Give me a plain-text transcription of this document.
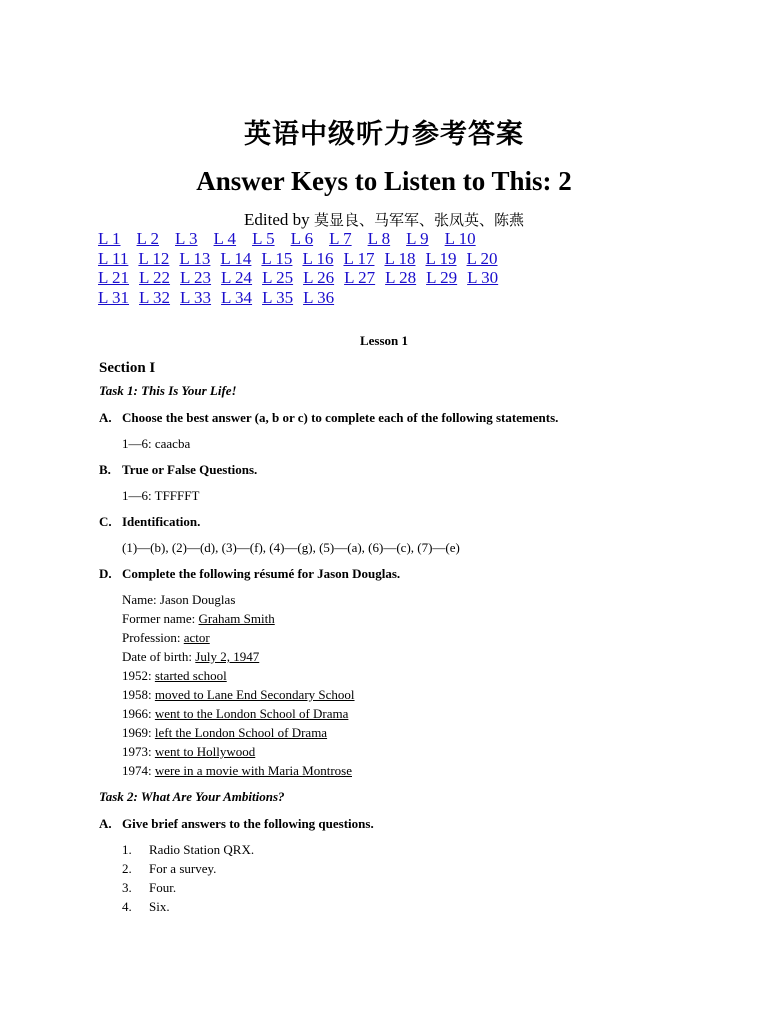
英语中级听力参考答案
Answer Keys to Listen to This: 2
Edited by 莫显良、马军军、张凤英、陈燕
L 1 L 2 L 3 L 4 L 5 L 6 L 7 L 8 L 9 L 10
L 11 L 12 L 13 L 14 L 15 L 16 L 17 L 18 L 19 L 20
L 21 L 22 L 23 L 24 L 25 L 26 L 27 L 28 L 29 L 30
L 31 L 32 L 33 L 34 L 35 L 36
Lesson 1
Section I
Task 1: This Is Your Life!
A. Choose the best answer (a, b or c) to complete each of the following statements.
1—6: caacba
B. True or False Questions.
1—6: TFFFFT
C. Identification.
(1)—(b), (2)—(d), (3)—(f), (4)—(g), (5)—(a), (6)—(c), (7)—(e)
D. Complete the following résumé for Jason Douglas.
Name: Jason Douglas
Former name: Graham Smith
Profession: actor
Date of birth: July 2, 1947
1952: started school
1958: moved to Lane End Secondary School
1966: went to the London School of Drama
1969: left the London School of Drama
1973: went to Hollywood
1974: were in a movie with Maria Montrose
Task 2: What Are Your Ambitions?
A. Give brief answers to the following questions.
1.	Radio Station QRX.
2.	For a survey.
3.	Four.
4.	Six.
